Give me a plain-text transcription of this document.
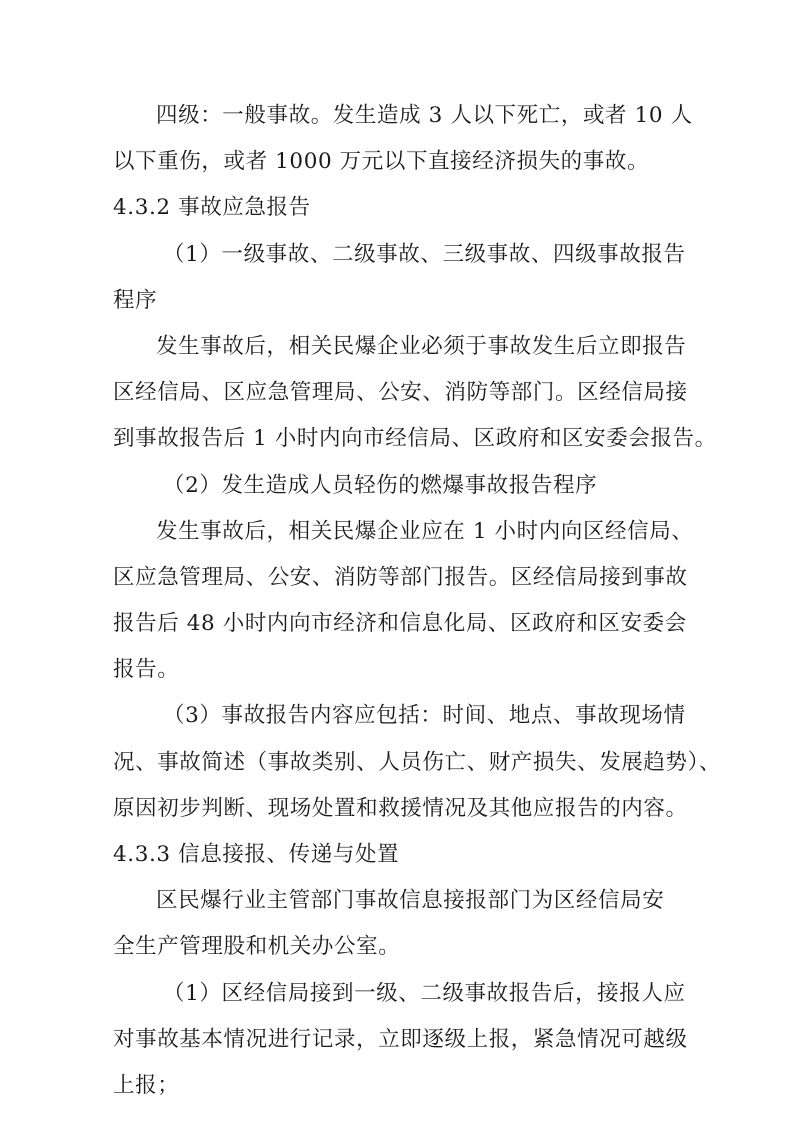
四级：一般事故。发生造成 3 人以下死亡，或者 10 人
以下重伤，或者 1000 万元以下直接经济损失的事故。
4.3.2 事故应急报告
（1）一级事故、二级事故、三级事故、四级事故报告
程序
发生事故后，相关民爆企业必须于事故发生后立即报告
区经信局、区应急管理局、公安、消防等部门。区经信局接
到事故报告后 1 小时内向市经信局、区政府和区安委会报告。
（2）发生造成人员轻伤的燃爆事故报告程序
发生事故后，相关民爆企业应在 1 小时内向区经信局、
区应急管理局、公安、消防等部门报告。区经信局接到事故
报告后 48 小时内向市经济和信息化局、区政府和区安委会
报告。
（3）事故报告内容应包括：时间、地点、事故现场情
况、事故简述（事故类别、人员伤亡、财产损失、发展趋势）、
原因初步判断、现场处置和救援情况及其他应报告的内容。
4.3.3 信息接报、传递与处置
区民爆行业主管部门事故信息接报部门为区经信局安
全生产管理股和机关办公室。
（1）区经信局接到一级、二级事故报告后，接报人应
对事故基本情况进行记录，立即逐级上报，紧急情况可越级
上报；
